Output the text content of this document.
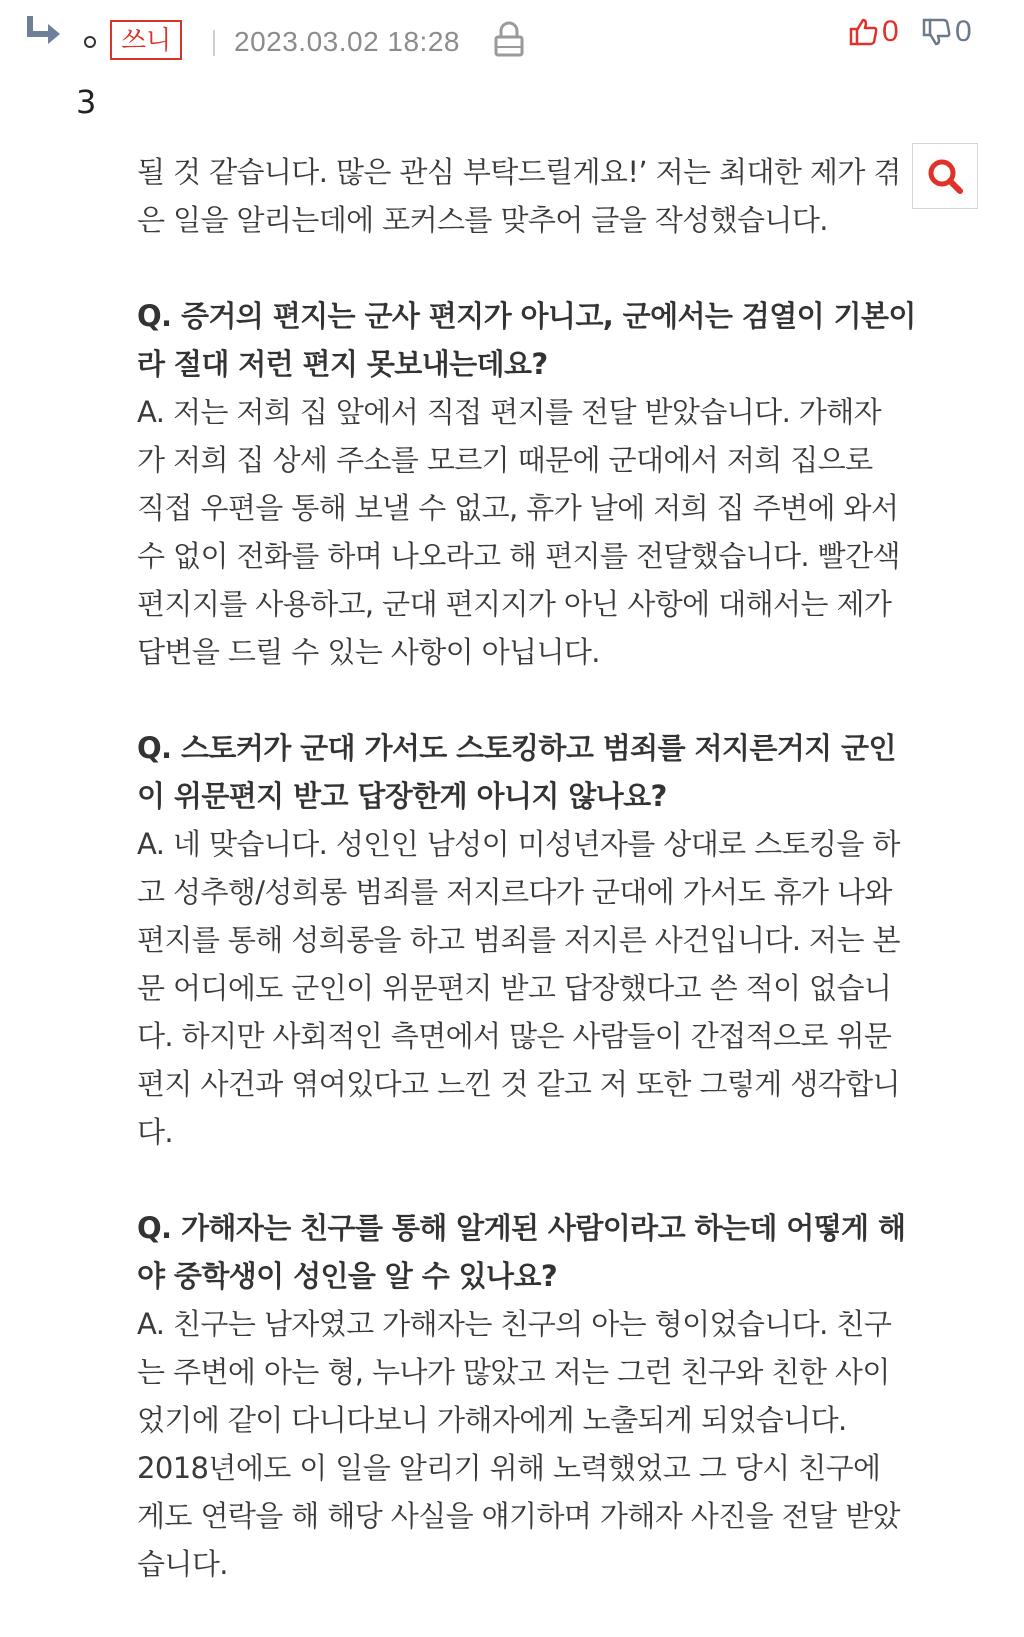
쓰니
3
2023.03.02 18:28	0 0

될 것 같습니다. 많은 관심 부탁드릴게요!’ 저는 최대한 제가 겪
은 일을 알리는데에 포커스를 맞추어 글을 작성했습니다.

Q. 증거의 편지는 군사 편지가 아니고, 군에서는 검열이 기본이
라 절대 저런 편지 못보내는데요?

A. 저는 저희 집 앞에서 직접 편지를 전달 받았습니다. 가해자
가 저희 집 상세 주소를 모르기 때문에 군대에서 저희 집으로
직접 우편을 통해 보낼 수 없고, 휴가 날에 저희 집 주변에 와서
수 없이 전화를 하며 나오라고 해 편지를 전달했습니다. 빨간색
편지지를 사용하고, 군대 편지지가 아닌 사항에 대해서는 제가
답변을 드릴 수 있는 사항이 아닙니다.

Q. 스토커가 군대 가서도 스토킹하고 범죄를 저지른거지 군인
이 위문편지 받고 답장한게 아니지 않나요?

A. 네 맞습니다. 성인인 남성이 미성년자를 상대로 스토킹을 하
고 성추행/성희롱 범죄를 저지르다가 군대에 가서도 휴가 나와
편지를 통해 성희롱을 하고 범죄를 저지른 사건입니다. 저는 본
문 어디에도 군인이 위문편지 받고 답장했다고 쓴 적이 없습니
다. 하지만 사회적인 측면에서 많은 사람들이 간접적으로 위문
편지 사건과 엮여있다고 느낀 것 같고 저 또한 그렇게 생각합니
다.

Q. 가해자는 친구를 통해 알게된 사람이라고 하는데 어떻게 해
야 중학생이 성인을 알 수 있나요?

A. 친구는 남자였고 가해자는 친구의 아는 형이었습니다. 친구
는 주변에 아는 형, 누나가 많았고 저는 그런 친구와 친한 사이
었기에 같이 다니다보니 가해자에게 노출되게 되었습니다.
2018년에도 이 일을 알리기 위해 노력했었고 그 당시 친구에
게도 연락을 해 해당 사실을 얘기하며 가해자 사진을 전달 받았
습니다.
